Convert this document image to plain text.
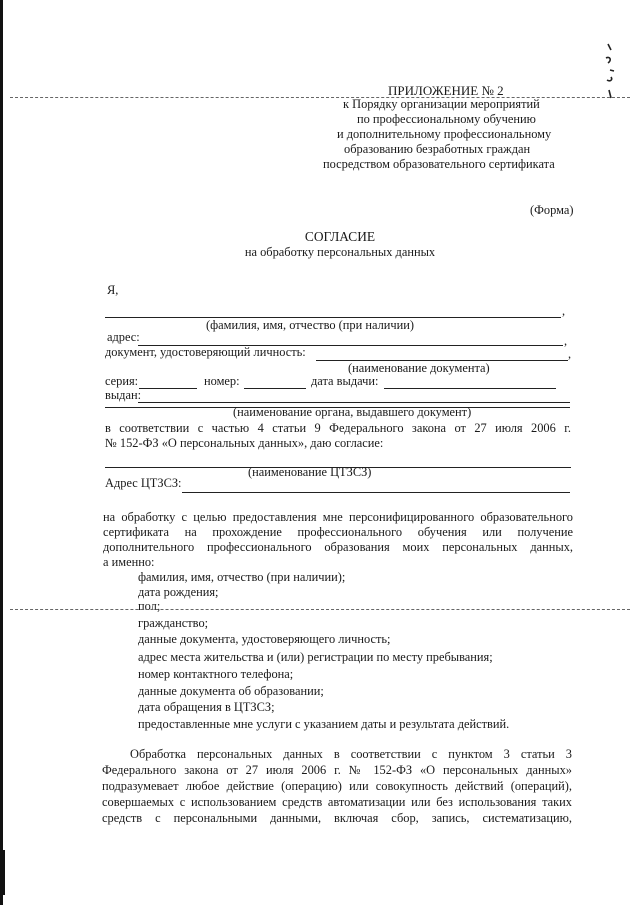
ПРИЛОЖЕНИЕ № 2
к Порядку организации мероприятий
по профессиональному обучению
и дополнительному профессиональному
образованию безработных граждан
посредством образовательного сертификата
(Форма)
СОГЛАСИЕ
на обработку персональных данных
Я,
,
(фамилия, имя, отчество (при наличии)
адрес:	,
документ, удостоверяющий личность:	,
(наименование документа)
серия:	номер:	дата выдачи:
выдан:
(наименование органа, выдавшего документ)
в соответствии с частью 4 статьи 9 Федерального закона от 27 июля 2006 г.
№ 152-ФЗ «О персональных данных», даю согласие:
(наименование ЦТЗСЗ)
Адрес ЦТЗСЗ:
на обработку с целью предоставления мне персонифицированного образовательного
сертификата на прохождение профессионального обучения или получение
дополнительного профессионального образования моих персональных данных,
а именно:
фамилия, имя, отчество (при наличии);
дата рождения;
пол;
гражданство;
данные документа, удостоверяющего личность;
адрес места жительства и (или) регистрации по месту пребывания;
номер контактного телефона;
данные документа об образовании;
дата обращения в ЦТЗСЗ;
предоставленные мне услуги с указанием даты и результата действий.
Обработка персональных данных в соответствии с пунктом 3 статьи 3
Федерального закона от 27 июля 2006 г. № 152-ФЗ «О персональных данных»
подразумевает любое действие (операцию) или совокупность действий (операций),
совершаемых с использованием средств автоматизации или без использования таких
средств с персональными данными, включая сбор, запись, систематизацию,
